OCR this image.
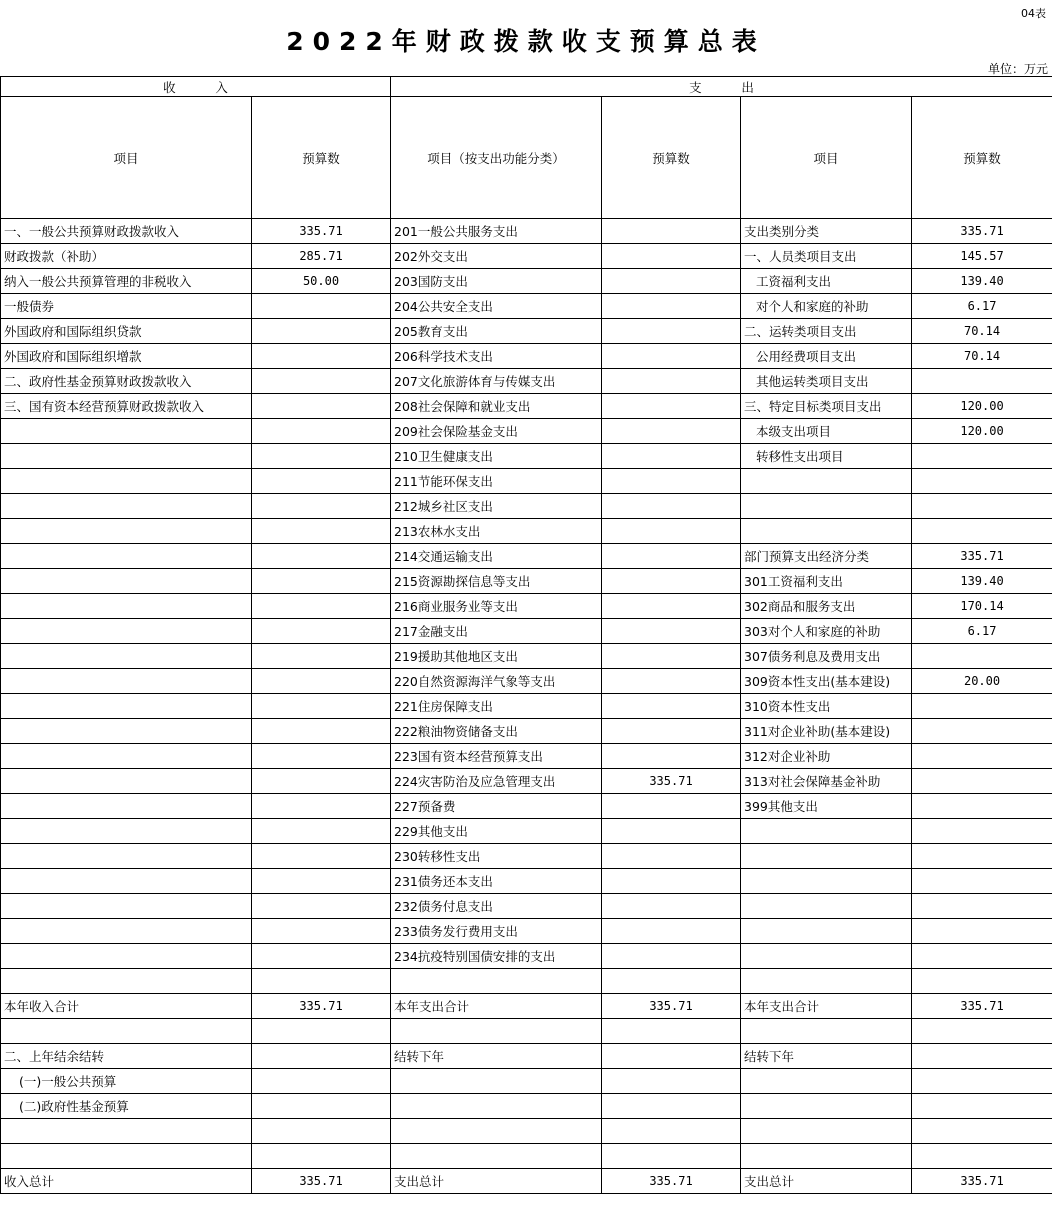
04表
2022年财政拨款收支预算总表
单位：万元
收          入		支          出			
项目	预算数	项目（按支出功能分类）	预算数	项目	预算数
一、一般公共预算财政拨款收入	335.71	201一般公共服务支出		支出类别分类	335.71
财政拨款（补助）	285.71	202外交支出		一、人员类项目支出	145.57
纳入一般公共预算管理的非税收入	50.00	203国防支出		工资福利支出	139.40
一般债券		204公共安全支出		对个人和家庭的补助	6.17
外国政府和国际组织贷款		205教育支出		二、运转类项目支出	70.14
外国政府和国际组织增款		206科学技术支出		公用经费项目支出	70.14
二、政府性基金预算财政拨款收入		207文化旅游体育与传媒支出		其他运转类项目支出	
三、国有资本经营预算财政拨款收入		208社会保障和就业支出		三、特定目标类项目支出	120.00
		209社会保险基金支出		本级支出项目	120.00
		210卫生健康支出		转移性支出项目	
		211节能环保支出			
		212城乡社区支出			
		213农林水支出			
		214交通运输支出		部门预算支出经济分类	335.71
		215资源勘探信息等支出		301工资福利支出	139.40
		216商业服务业等支出		302商品和服务支出	170.14
		217金融支出		303对个人和家庭的补助	6.17
		219援助其他地区支出		307债务利息及费用支出	
		220自然资源海洋气象等支出		309资本性支出(基本建设)	20.00
		221住房保障支出		310资本性支出	
		222粮油物资储备支出		311对企业补助(基本建设)	
		223国有资本经营预算支出		312对企业补助	
		224灾害防治及应急管理支出	335.71	313对社会保障基金补助	
		227预备费		399其他支出	
		229其他支出			
		230转移性支出			
		231债务还本支出			
		232债务付息支出			
		233债务发行费用支出			
		234抗疫特别国债安排的支出			

本年收入合计	335.71	本年支出合计	335.71	本年支出合计	335.71

二、上年结余结转		结转下年		结转下年	
(一)一般公共预算					
(二)政府性基金预算					

收入总计	335.71	支出总计	335.71	支出总计	335.71
